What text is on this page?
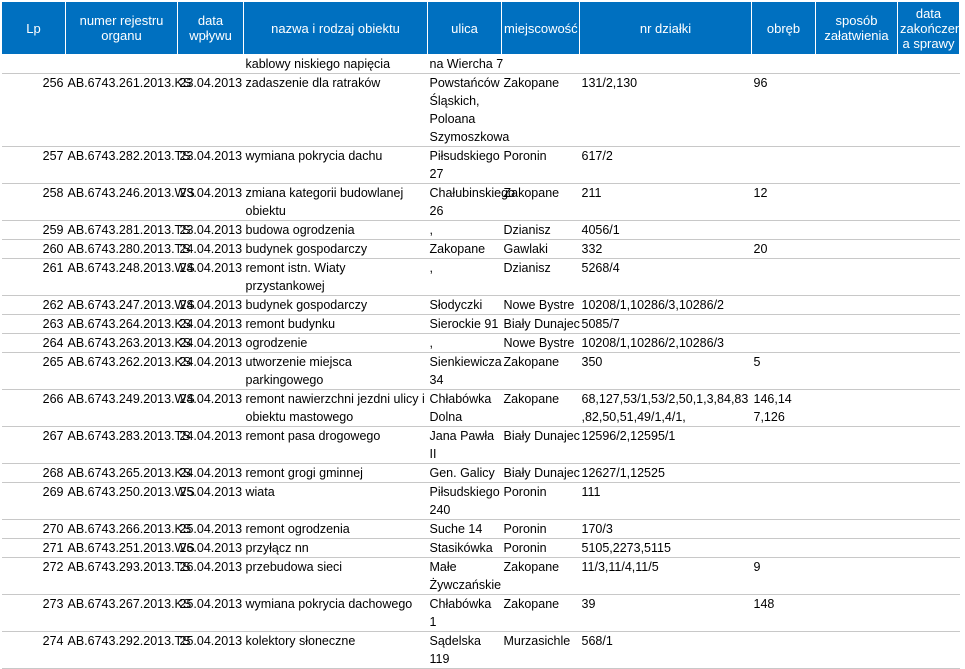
Lp	numer rejestru organu	data wpływu	nazwa i rodzaj obiektu	ulica	miejscowość	nr działki	obręb	sposób załatwienia	data zakończeni a sprawy
			kablowy niskiego napięcia	na Wiercha 7					
256	AB.6743.261.2013.KS	23.04.2013	zadaszenie dla ratraków	Powstańców Śląskich, Poloana Szymoszkowa	Zakopane	131/2,130	96		
257	AB.6743.282.2013.TS	23.04.2013	wymiana pokrycia dachu	Piłsudskiego 27	Poronin	617/2			
258	AB.6743.246.2013.WS	23.04.2013	zmiana kategorii budowlanej obiektu	Chałubinskiego 26	Zakopane	211	12		
259	AB.6743.281.2013.TS	23.04.2013	budowa ogrodzenia	,	Dzianisz	4056/1			
260	AB.6743.280.2013.TS	24.04.2013	budynek gospodarczy	Zakopane	Gawlaki	332	20		
261	AB.6743.248.2013.WS	24.04.2013	remont istn. Wiaty przystankowej	,	Dzianisz	5268/4			
262	AB.6743.247.2013.WS	24.04.2013	budynek gospodarczy	Słodyczki	Nowe Bystre	10208/1,10286/3,10286/2			
263	AB.6743.264.2013.KS	24.04.2013	remont budynku	Sierockie 91	Biały Dunajec	5085/7			
264	AB.6743.263.2013.KS	24.04.2013	ogrodzenie	,	Nowe Bystre	10208/1,10286/2,10286/3			
265	AB.6743.262.2013.KS	24.04.2013	utworzenie miejsca parkingowego	Sienkiewicza 34	Zakopane	350	5		
266	AB.6743.249.2013.WS	24.04.2013	remont nawierzchni jezdni ulicy i obiektu mastowego	Chłabówka Dolna	Zakopane	68,127,53/1,53/2,50,1,3,84,83 ,82,50,51,49/1,4/1,	146,14 7,126		
267	AB.6743.283.2013.TS	24.04.2013	remont pasa drogowego	Jana Pawła II	Biały Dunajec	12596/2,12595/1			
268	AB.6743.265.2013.KS	24.04.2013	remont grogi gminnej	Gen. Galicy	Biały Dunajec	12627/1,12525			
269	AB.6743.250.2013.WS	25.04.2013	wiata	Piłsudskiego 240	Poronin	111			
270	AB.6743.266.2013.KS	25.04.2013	remont ogrodzenia	Suche 14	Poronin	170/3			
271	AB.6743.251.2013.WS	26.04.2013	przyłącz nn	Stasikówka	Poronin	5105,2273,5115			
272	AB.6743.293.2013.TS	26.04.2013	przebudowa sieci	Małe Żywczańskie	Zakopane	11/3,11/4,11/5	9		
273	AB.6743.267.2013.KS	25.04.2013	wymiana pokrycia dachowego	Chłabówka 1	Zakopane	39	148		
274	AB.6743.292.2013.TS	25.04.2013	kolektory słoneczne	Sądelska 119	Murzasichle	568/1			
